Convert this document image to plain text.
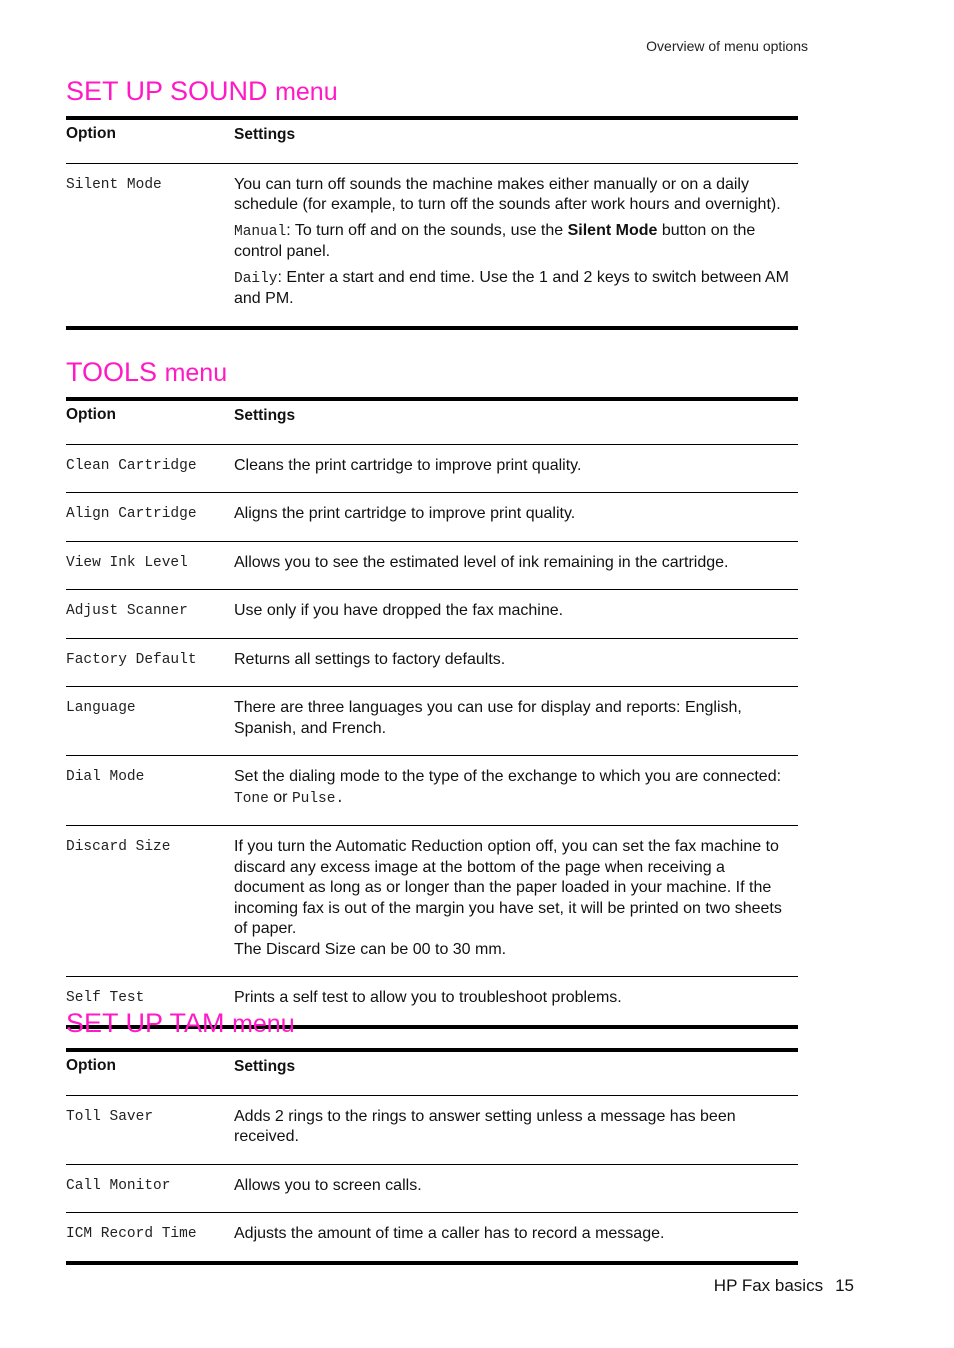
Overview of menu options
SET UP SOUND menu
Option	Settings
Silent Mode	You can turn off sounds the machine makes either manually or on a daily schedule (for example, to turn off the sounds after work hours and overnight).

Manual: To turn off and on the sounds, use the Silent Mode button on the control panel.

Daily: Enter a start and end time. Use the 1 and 2 keys to switch between AM and PM.

TOOLS menu
Option	Settings
Clean Cartridge	Cleans the print cartridge to improve print quality.
Align Cartridge	Aligns the print cartridge to improve print quality.
View Ink Level	Allows you to see the estimated level of ink remaining in the cartridge.
Adjust Scanner	Use only if you have dropped the fax machine.
Factory Default	Returns all settings to factory defaults.
Language	There are three languages you can use for display and reports: English, Spanish, and French.
Dial Mode	Set the dialing mode to the type of the exchange to which you are connected: Tone or Pulse.
Discard Size	If you turn the Automatic Reduction option off, you can set the fax machine to discard any excess image at the bottom of the page when receiving a document as long as or longer than the paper loaded in your machine. If the incoming fax is out of the margin you have set, it will be printed on two sheets of paper.
The Discard Size can be 00 to 30 mm.
Self Test	Prints a self test to allow you to troubleshoot problems.
SET UP TAM menu
Option	Settings
Toll Saver	Adds 2 rings to the rings to answer setting unless a message has been received.
Call Monitor	Allows you to screen calls.
ICM Record Time	Adjusts the amount of time a caller has to record a message.
HP Fax basics 15
